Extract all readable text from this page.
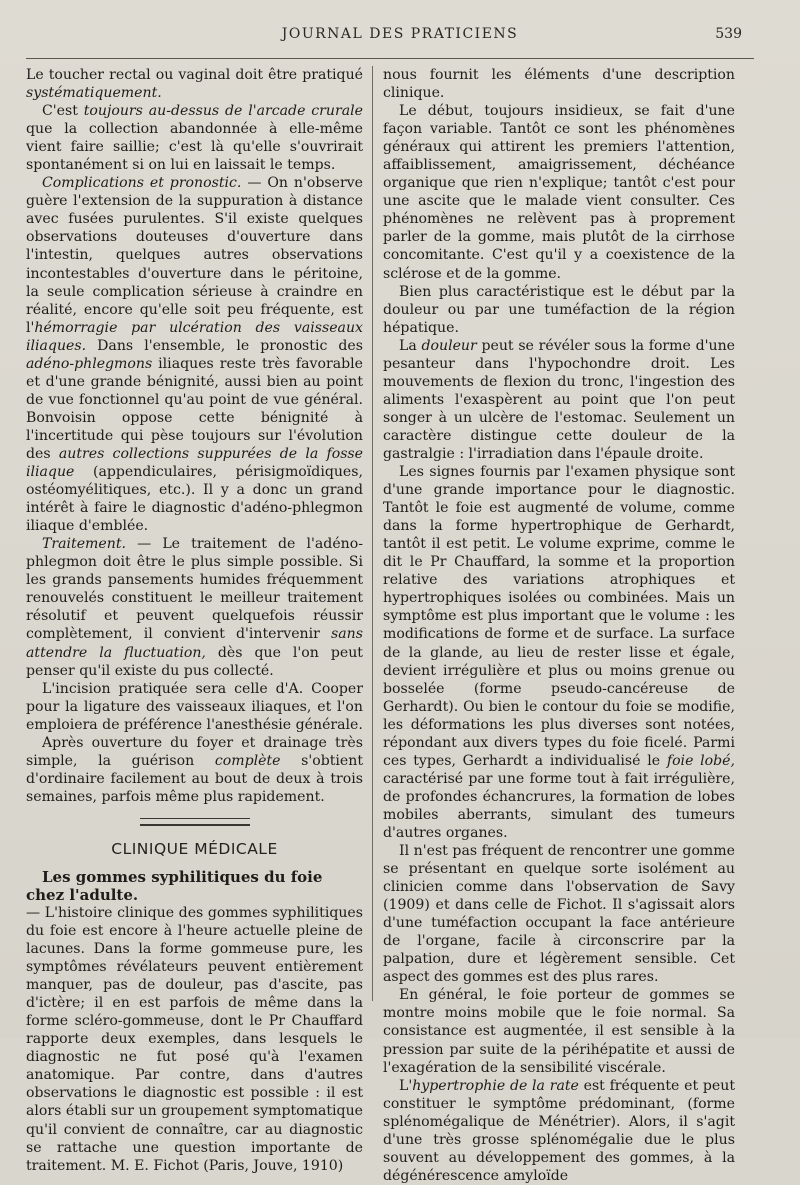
JOURNAL DES PRATICIENS	539

Le toucher rectal ou vaginal doit être pratiqué systématiquement.

C'est toujours au-dessus de l'arcade crurale que la collection abandonnée à elle-même vient faire saillie; c'est là qu'elle s'ouvrirait spontanément si on lui en laissait le temps.

Complications et pronostic. — On n'observe guère l'extension de la suppuration à distance avec fusées purulentes. S'il existe quelques observations douteuses d'ouverture dans l'intestin, quelques autres observations incontestables d'ouverture dans le péritoine, la seule complication sérieuse à craindre en réalité, encore qu'elle soit peu fréquente, est l'hémorragie par ulcération des vaisseaux iliaques. Dans l'ensemble, le pronostic des adéno-phlegmons iliaques reste très favorable et d'une grande bénignité, aussi bien au point de vue fonctionnel qu'au point de vue général. Bonvoisin oppose cette bénignité à l'incertitude qui pèse toujours sur l'évolution des autres collections suppurées de la fosse iliaque (appendiculaires, périsigmoïdiques, ostéomyélitiques, etc.). Il y a donc un grand intérêt à faire le diagnostic d'adéno-phlegmon iliaque d'emblée.

Traitement. — Le traitement de l'adéno-phlegmon doit être le plus simple possible. Si les grands pansements humides fréquemment renouvelés constituent le meilleur traitement résolutif et peuvent quelquefois réussir complètement, il convient d'intervenir sans attendre la fluctuation, dès que l'on peut penser qu'il existe du pus collecté.

L'incision pratiquée sera celle d'A. Cooper pour la ligature des vaisseaux iliaques, et l'on emploiera de préférence l'anesthésie générale.

Après ouverture du foyer et drainage très simple, la guérison complète s'obtient d'ordinaire facilement au bout de deux à trois semaines, parfois même plus rapidement.

CLINIQUE MÉDICALE

Les gommes syphilitiques du foie chez l'adulte.

— L'histoire clinique des gommes syphilitiques du foie est encore à l'heure actuelle pleine de lacunes. Dans la forme gommeuse pure, les symptômes révélateurs peuvent entièrement manquer, pas de douleur, pas d'ascite, pas d'ictère; il en est parfois de même dans la forme scléro-gommeuse, dont le Pr Chauffard rapporte deux exemples, dans lesquels le diagnostic ne fut posé qu'à l'examen anatomique. Par contre, dans d'autres observations le diagnostic est possible : il est alors établi sur un groupement symptomatique qu'il convient de connaître, car au diagnostic se rattache une question importante de traitement. M. E. Fichot (Paris, Jouve, 1910)

nous fournit les éléments d'une description clinique.

Le début, toujours insidieux, se fait d'une façon variable. Tantôt ce sont les phénomènes généraux qui attirent les premiers l'attention, affaiblissement, amaigrissement, déchéance organique que rien n'explique; tantôt c'est pour une ascite que le malade vient consulter. Ces phénomènes ne relèvent pas à proprement parler de la gomme, mais plutôt de la cirrhose concomitante. C'est qu'il y a coexistence de la sclérose et de la gomme.

Bien plus caractéristique est le début par la douleur ou par une tuméfaction de la région hépatique.

La douleur peut se révéler sous la forme d'une pesanteur dans l'hypochondre droit. Les mouvements de flexion du tronc, l'ingestion des aliments l'exaspèrent au point que l'on peut songer à un ulcère de l'estomac. Seulement un caractère distingue cette douleur de la gastralgie : l'irradiation dans l'épaule droite.

Les signes fournis par l'examen physique sont d'une grande importance pour le diagnostic. Tantôt le foie est augmenté de volume, comme dans la forme hypertrophique de Gerhardt, tantôt il est petit. Le volume exprime, comme le dit le Pr Chauffard, la somme et la proportion relative des variations atrophiques et hypertrophiques isolées ou combinées. Mais un symptôme est plus important que le volume : les modifications de forme et de surface. La surface de la glande, au lieu de rester lisse et égale, devient irrégulière et plus ou moins grenue ou bosselée (forme pseudo-cancéreuse de Gerhardt). Ou bien le contour du foie se modifie, les déformations les plus diverses sont notées, répondant aux divers types du foie ficelé. Parmi ces types, Gerhardt a individualisé le foie lobé, caractérisé par une forme tout à fait irrégulière, de profondes échancrures, la formation de lobes mobiles aberrants, simulant des tumeurs d'autres organes.

Il n'est pas fréquent de rencontrer une gomme se présentant en quelque sorte isolément au clinicien comme dans l'observation de Savy (1909) et dans celle de Fichot. Il s'agissait alors d'une tuméfaction occupant la face antérieure de l'organe, facile à circonscrire par la palpation, dure et légèrement sensible. Cet aspect des gommes est des plus rares.

En général, le foie porteur de gommes se montre moins mobile que le foie normal. Sa consistance est augmentée, il est sensible à la pression par suite de la périhépatite et aussi de l'exagération de la sensibilité viscérale.

L'hypertrophie de la rate est fréquente et peut constituer le symptôme prédominant, (forme splénomégalique de Ménétrier). Alors, il s'agit d'une très grosse splénomégalie due le plus souvent au développement des gommes, à la dégénérescence amyloïde
